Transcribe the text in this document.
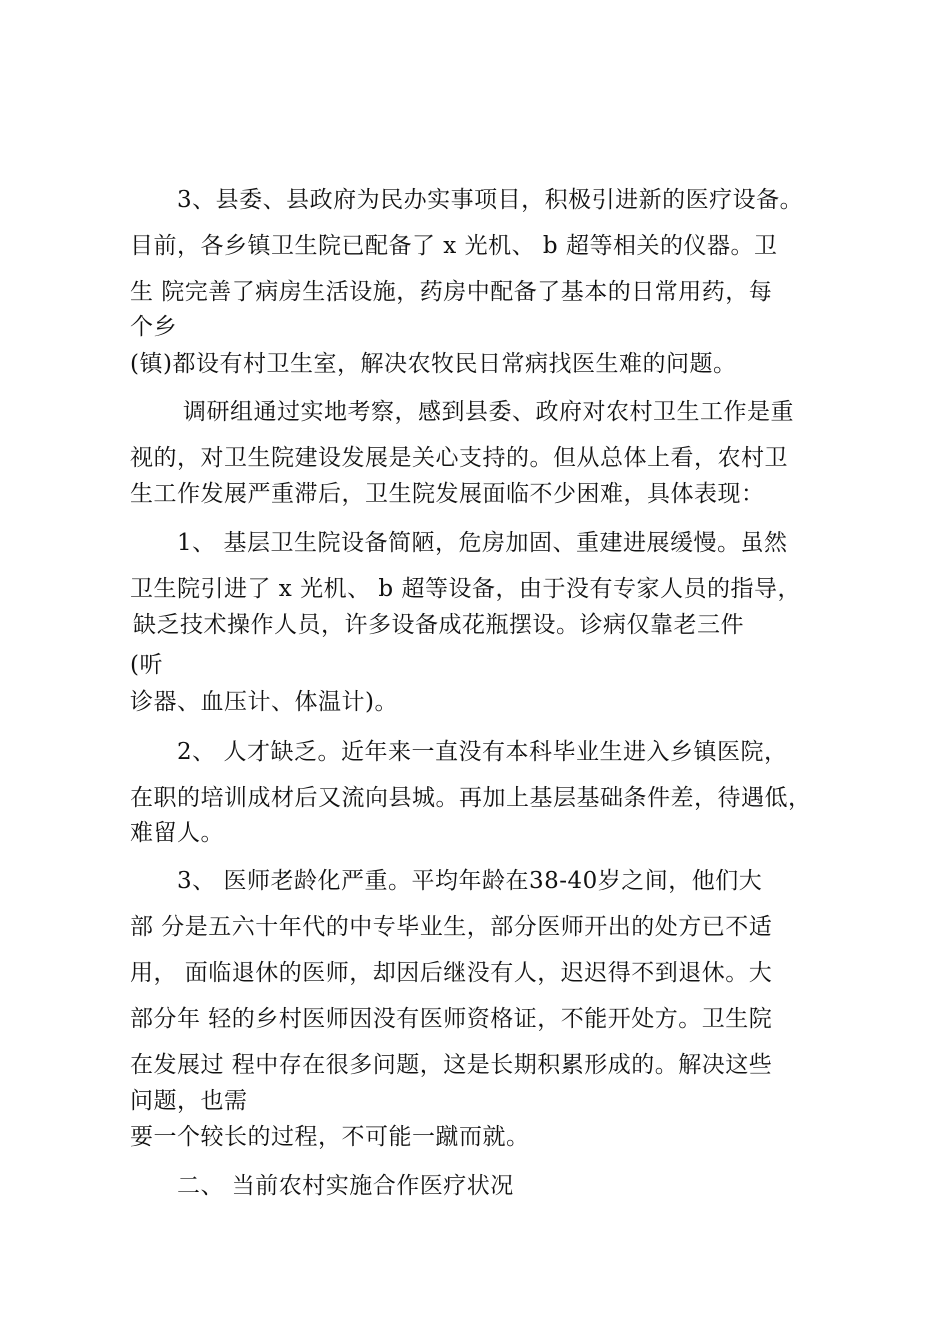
3、县委、县政府为民办实事项目，积极引进新的医疗设备。
目前，各乡镇卫生院已配备了 x 光机、 b 超等相关的仪器。卫
生 院完善了病房生活设施，药房中配备了基本的日常用药，每
个乡
(镇)都设有村卫生室，解决农牧民日常病找医生难的问题。
调研组通过实地考察，感到县委、政府对农村卫生工作是重
视的，对卫生院建设发展是关心支持的。但从总体上看，农村卫
生工作发展严重滞后，卫生院发展面临不少困难，具体表现：
1、 基层卫生院设备简陋，危房加固、重建进展缓慢。虽然
卫生院引进了 x 光机、 b 超等设备，由于没有专家人员的指导，
缺乏技术操作人员，许多设备成花瓶摆设。诊病仅靠老三件
(听
诊器、血压计、体温计)。
2、 人才缺乏。近年来一直没有本科毕业生进入乡镇医院，
在职的培训成材后又流向县城。再加上基层基础条件差，待遇低，
难留人。
3、 医师老龄化严重。平均年龄在38-40岁之间，他们大
部 分是五六十年代的中专毕业生，部分医师开出的处方已不适
用， 面临退休的医师，却因后继没有人，迟迟得不到退休。大
部分年 轻的乡村医师因没有医师资格证，不能开处方。卫生院
在发展过 程中存在很多问题，这是长期积累形成的。解决这些
问题，也需
要一个较长的过程，不可能一蹴而就。
二、 当前农村实施合作医疗状况
